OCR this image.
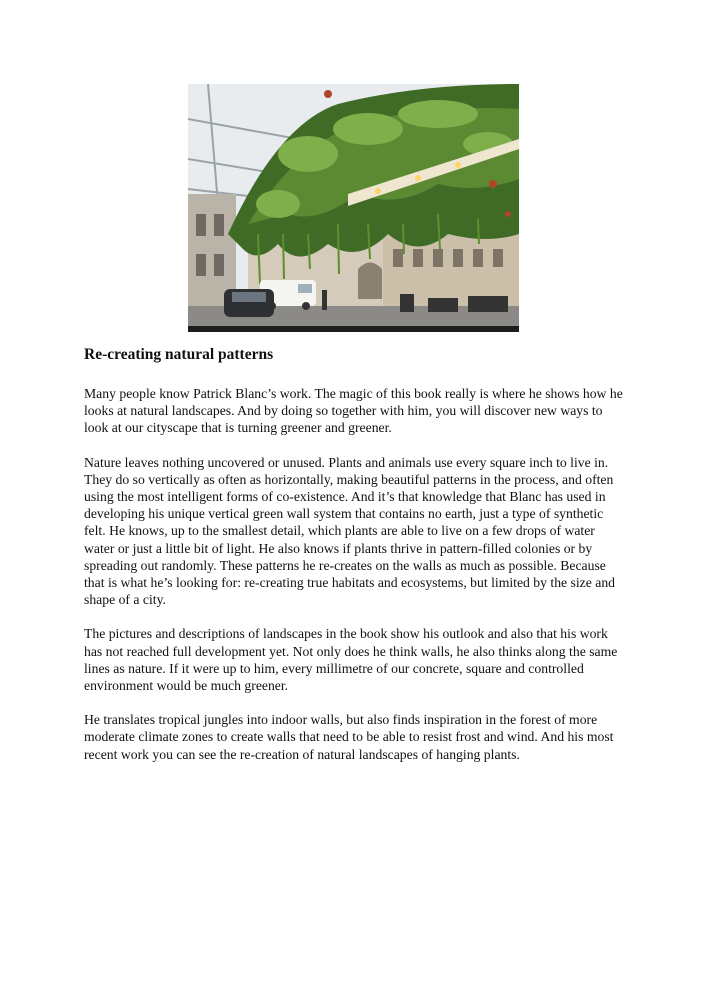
Re-creating natural patterns

Many people know Patrick Blanc’s work. The magic of this book really is where he shows how he looks at natural landscapes. And by doing so together with him, you will discover new ways to look at our cityscape that is turning greener and greener.

Nature leaves nothing uncovered or unused. Plants and animals use every square inch to live in. They do so vertically as often as horizontally, making beautiful patterns in the process, and often using the most intelligent forms of co-existence. And it’s that knowledge that Blanc has used in developing his unique vertical green wall system that contains no earth, just a type of synthetic felt. He knows, up to the smallest detail, which plants are able to live on a few drops of water water or just a little bit of light. He also knows if plants thrive in pattern-filled colonies or by spreading out randomly. These patterns he re-creates on the walls as much as possible. Because that is what he’s looking for: re-creating true habitats and ecosystems, but limited by the size and shape of a city.

The pictures and descriptions of landscapes in the book show his outlook and also that his work has not reached full development yet. Not only does he think walls, he also thinks along the same lines as nature. If it were up to him, every millimetre of our concrete, square and controlled environment would be much greener.

He translates tropical jungles into indoor walls, but also finds inspiration in the forest of more moderate climate zones to create walls that need to be able to resist frost and wind. And his most recent work you can see the re-creation of natural landscapes of hanging plants.
